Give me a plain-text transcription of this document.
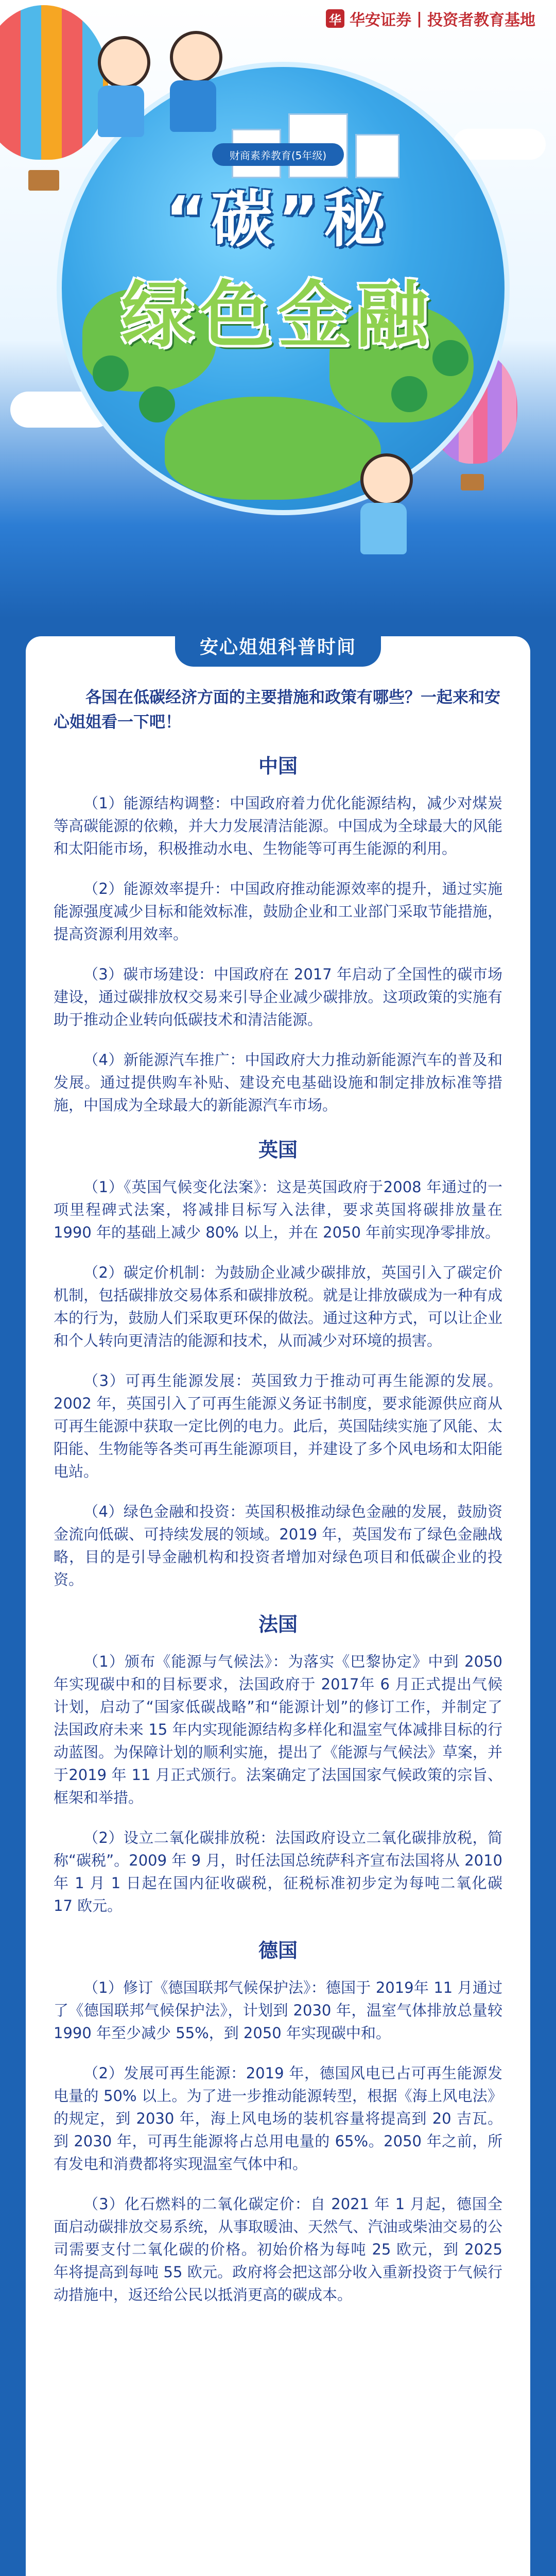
华 华安证券 | 投资者教育基地
财商素养教育(5年级)
“碳”秘
绿色金融
安心姐姐科普时间

各国在低碳经济方面的主要措施和政策有哪些？一起来和安心姐姐看一下吧！

中国

（1）能源结构调整：中国政府着力优化能源结构，减少对煤炭等高碳能源的依赖，并大力发展清洁能源。中国成为全球最大的风能和太阳能市场，积极推动水电、生物能等可再生能源的利用。

（2）能源效率提升：中国政府推动能源效率的提升，通过实施能源强度减少目标和能效标准，鼓励企业和工业部门采取节能措施，提高资源利用效率。

（3）碳市场建设：中国政府在 2017 年启动了全国性的碳市场建设，通过碳排放权交易来引导企业减少碳排放。这项政策的实施有助于推动企业转向低碳技术和清洁能源。

（4）新能源汽车推广：中国政府大力推动新能源汽车的普及和发展。通过提供购车补贴、建设充电基础设施和制定排放标准等措施，中国成为全球最大的新能源汽车市场。

英国

（1）《英国气候变化法案》：这是英国政府于2008 年通过的一项里程碑式法案，将减排目标写入法律，要求英国将碳排放量在 1990 年的基础上减少 80% 以上，并在 2050 年前实现净零排放。

（2）碳定价机制：为鼓励企业减少碳排放，英国引入了碳定价机制，包括碳排放交易体系和碳排放税。就是让排放碳成为一种有成本的行为，鼓励人们采取更环保的做法。通过这种方式，可以让企业和个人转向更清洁的能源和技术，从而减少对环境的损害。

（3）可再生能源发展：英国致力于推动可再生能源的发展。2002 年，英国引入了可再生能源义务证书制度，要求能源供应商从可再生能源中获取一定比例的电力。此后，英国陆续实施了风能、太阳能、生物能等各类可再生能源项目，并建设了多个风电场和太阳能电站。

（4）绿色金融和投资：英国积极推动绿色金融的发展，鼓励资金流向低碳、可持续发展的领域。2019 年，英国发布了绿色金融战略，目的是引导金融机构和投资者增加对绿色项目和低碳企业的投资。

法国

（1）颁布《能源与气候法》：为落实《巴黎协定》中到 2050 年实现碳中和的目标要求，法国政府于 2017年 6 月正式提出气候计划，启动了“国家低碳战略”和“能源计划”的修订工作，并制定了法国政府未来 15 年内实现能源结构多样化和温室气体减排目标的行动蓝图。为保障计划的顺利实施，提出了《能源与气候法》草案，并于2019 年 11 月正式颁行。法案确定了法国国家气候政策的宗旨、框架和举措。

（2）设立二氧化碳排放税：法国政府设立二氧化碳排放税，简称“碳税”。2009 年 9 月，时任法国总统萨科齐宣布法国将从 2010 年 1 月 1 日起在国内征收碳税，征税标准初步定为每吨二氧化碳 17 欧元。

德国

（1）修订《德国联邦气候保护法》：德国于 2019年 11 月通过了《德国联邦气候保护法》，计划到 2030 年，温室气体排放总量较 1990 年至少减少 55%，到 2050 年实现碳中和。

（2）发展可再生能源：2019 年，德国风电已占可再生能源发电量的 50% 以上。为了进一步推动能源转型，根据《海上风电法》的规定，到 2030 年，海上风电场的装机容量将提高到 20 吉瓦。到 2030 年，可再生能源将占总用电量的 65%。2050 年之前，所有发电和消费都将实现温室气体中和。

（3）化石燃料的二氧化碳定价：自 2021 年 1 月起，德国全面启动碳排放交易系统，从事取暖油、天然气、汽油或柴油交易的公司需要支付二氧化碳的价格。初始价格为每吨 25 欧元，到 2025 年将提高到每吨 55 欧元。政府将会把这部分收入重新投资于气候行动措施中，返还给公民以抵消更高的碳成本。
